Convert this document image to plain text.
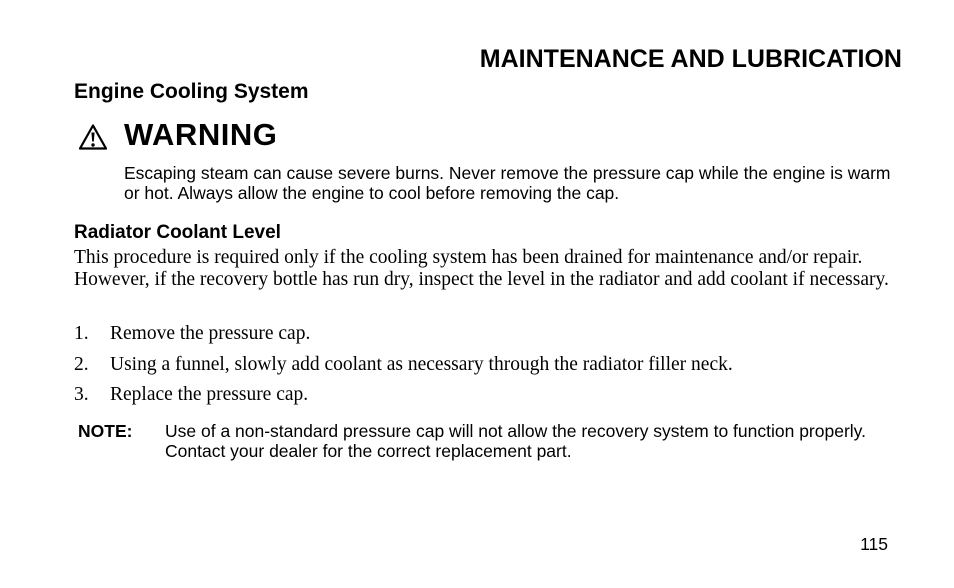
MAINTENANCE AND LUBRICATION
Engine Cooling System
WARNING
Escaping steam can cause severe burns. Never remove the pressure cap while the engine is warm or hot. Always allow the engine to cool before removing the cap.
Radiator Coolant Level
This procedure is required only if the cooling system has been drained for maintenance and/or repair. However, if the recovery bottle has run dry, inspect the level in the radiator and add coolant if necessary.
1.	Remove the pressure cap.
2.	Using a funnel, slowly add coolant as necessary through the radiator filler neck.
3.	Replace the pressure cap.
NOTE: Use of a non-standard pressure cap will not allow the recovery system to function properly. Contact your dealer for the correct replacement part.
115
